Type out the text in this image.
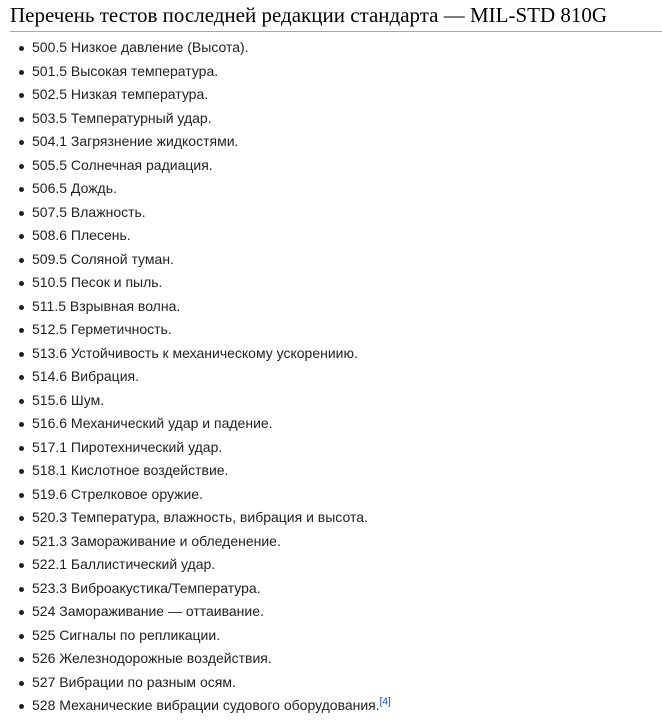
Перечень тестов последней редакции стандарта — MIL-STD 810G
500.5 Низкое давление (Высота).
501.5 Высокая температура.
502.5 Низкая температура.
503.5 Температурный удар.
504.1 Загрязнение жидкостями.
505.5 Солнечная радиация.
506.5 Дождь.
507.5 Влажность.
508.6 Плесень.
509.5 Соляной туман.
510.5 Песок и пыль.
511.5 Взрывная волна.
512.5 Герметичность.
513.6 Устойчивость к механическому ускорениию.
514.6 Вибрация.
515.6 Шум.
516.6 Механический удар и падение.
517.1 Пиротехнический удар.
518.1 Кислотное воздействие.
519.6 Стрелковое оружие.
520.3 Температура, влажность, вибрация и высота.
521.3 Замораживание и обледенение.
522.1 Баллистический удар.
523.3 Виброакустика/Температура.
524 Замораживание — оттаивание.
525 Сигналы по репликации.
526 Железнодорожные воздействия.
527 Вибрации по разным осям.
528 Механические вибрации судового оборудования.[4]
